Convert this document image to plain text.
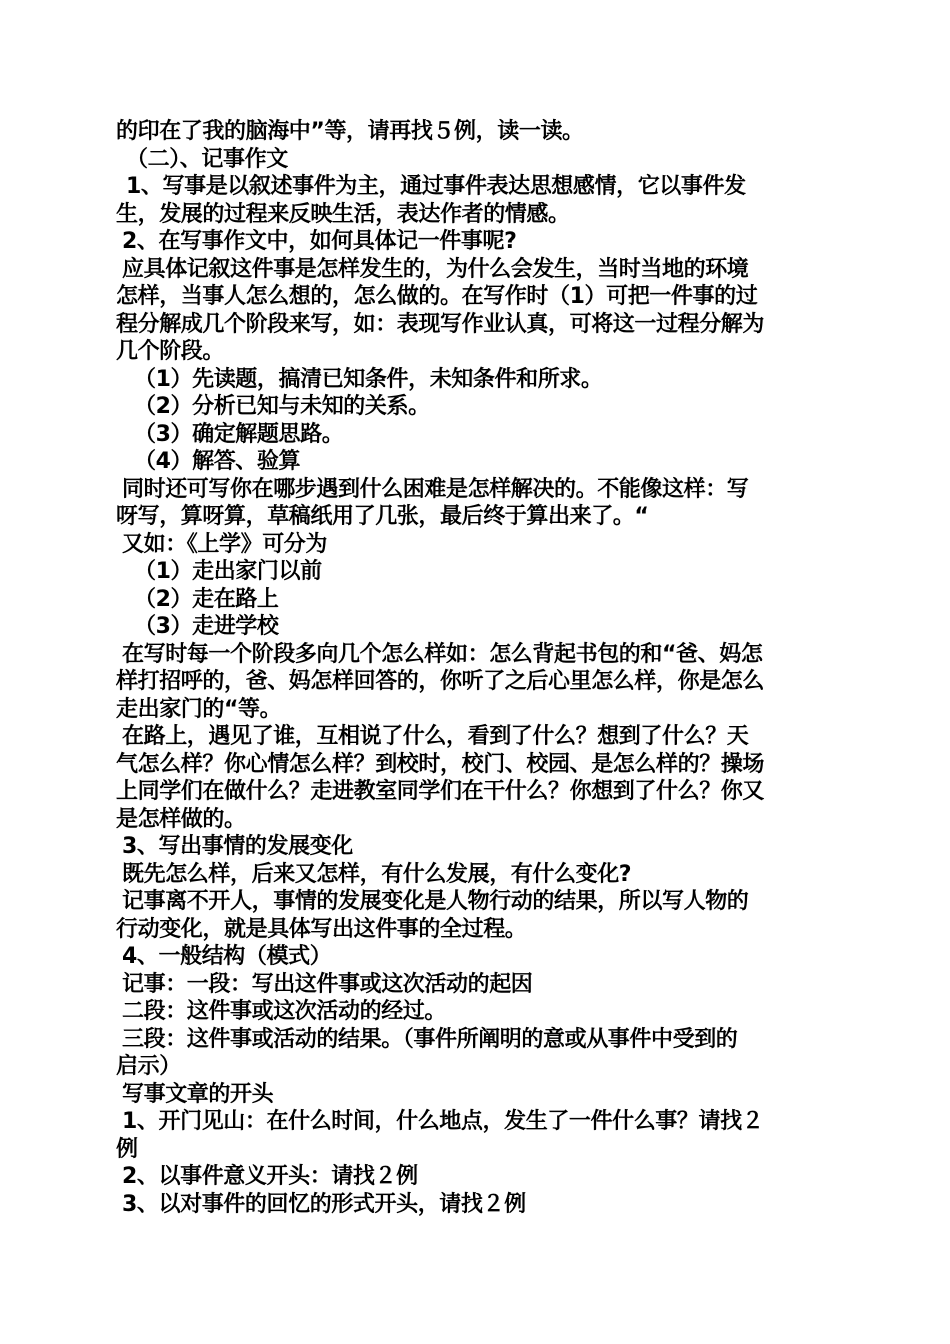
的印在了我的脑海中”等，请再找５例，读一读。
（二）、记事作文
1、写事是以叙述事件为主，通过事件表达思想感情，它以事件发
生，发展的过程来反映生活，表达作者的情感。
2、在写事作文中，如何具体记一件事呢?
应具体记叙这件事是怎样发生的，为什么会发生，当时当地的环境
怎样，当事人怎么想的，怎么做的。在写作时（1）可把一件事的过
程分解成几个阶段来写，如：表现写作业认真，可将这一过程分解为
几个阶段。
（1）先读题，搞清已知条件，未知条件和所求。
（2）分析已知与未知的关系。
（3）确定解题思路。
（4）解答、验算
同时还可写你在哪步遇到什么困难是怎样解决的。不能像这样：写
呀写，算呀算，草稿纸用了几张，最后终于算出来了。“
又如：《上学》可分为
（1）走出家门以前
（2）走在路上
（3）走进学校
在写时每一个阶段多向几个怎么样如：怎么背起书包的和“爸、妈怎
样打招呼的，爸、妈怎样回答的，你听了之后心里怎么样，你是怎么
走出家门的“等。
在路上，遇见了谁，互相说了什么，看到了什么？想到了什么？天
气怎么样？你心情怎么样？到校时，校门、校园、是怎么样的？操场
上同学们在做什么？走进教室同学们在干什么？你想到了什么？你又
是怎样做的。
3、写出事情的发展变化
既先怎么样，后来又怎样，有什么发展，有什么变化?
记事离不开人，事情的发展变化是人物行动的结果，所以写人物的
行动变化，就是具体写出这件事的全过程。
4、一般结构（模式）
记事：一段：写出这件事或这次活动的起因
二段：这件事或这次活动的经过。
三段：这件事或活动的结果。（事件所阐明的意或从事件中受到的
启示）
写事文章的开头
1、开门见山：在什么时间，什么地点，发生了一件什么事？请找２
例
2、以事件意义开头：请找２例
3、以对事件的回忆的形式开头，请找２例
